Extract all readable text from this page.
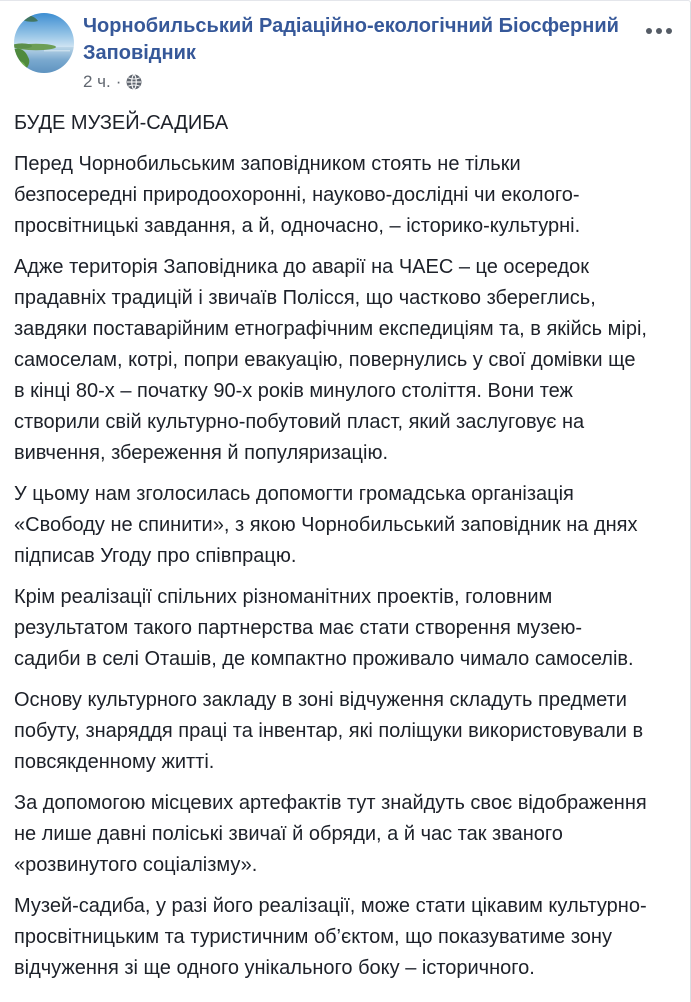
Чорнобильський Радіаційно-екологічний Біосферний Заповідник
2 ч. ·

БУДЕ МУЗЕЙ-САДИБА

Перед Чорнобильським заповідником стоять не тільки безпосередні природоохоронні, науково-дослідні чи еколого-просвітницькі завдання, а й, одночасно, – історико-культурні.

Адже територія Заповідника до аварії на ЧАЕС – це осередок прадавніх традицій і звичаїв Полісся, що частково збереглись, завдяки поставарійним етнографічним експедиціям та, в якійсь мірі, самоселам, котрі, попри евакуацію, повернулись у свої домівки ще в кінці 80-х – початку 90-х років минулого століття. Вони теж створили свій культурно-побутовий пласт, який заслуговує на вивчення, збереження й популяризацію.

У цьому нам зголосилась допомогти громадська організація «Свободу не спинити», з якою Чорнобильський заповідник на днях підписав Угоду про співпрацю.

Крім реалізації спільних різноманітних проектів, головним результатом такого партнерства має стати створення музею-садиби в селі Оташів, де компактно проживало чимало самоселів.

Основу культурного закладу в зоні відчуження складуть предмети побуту, знаряддя праці та інвентар, які поліщуки використовували в повсякденному житті.

За допомогою місцевих артефактів тут знайдуть своє відображення не лише давні поліські звичаї й обряди, а й час так званого «розвинутого соціалізму».

Музей-садиба, у разі його реалізації, може стати цікавим культурно-просвітницьким та туристичним об’єктом, що показуватиме зону відчуження зі ще одного унікального боку – історичного.
